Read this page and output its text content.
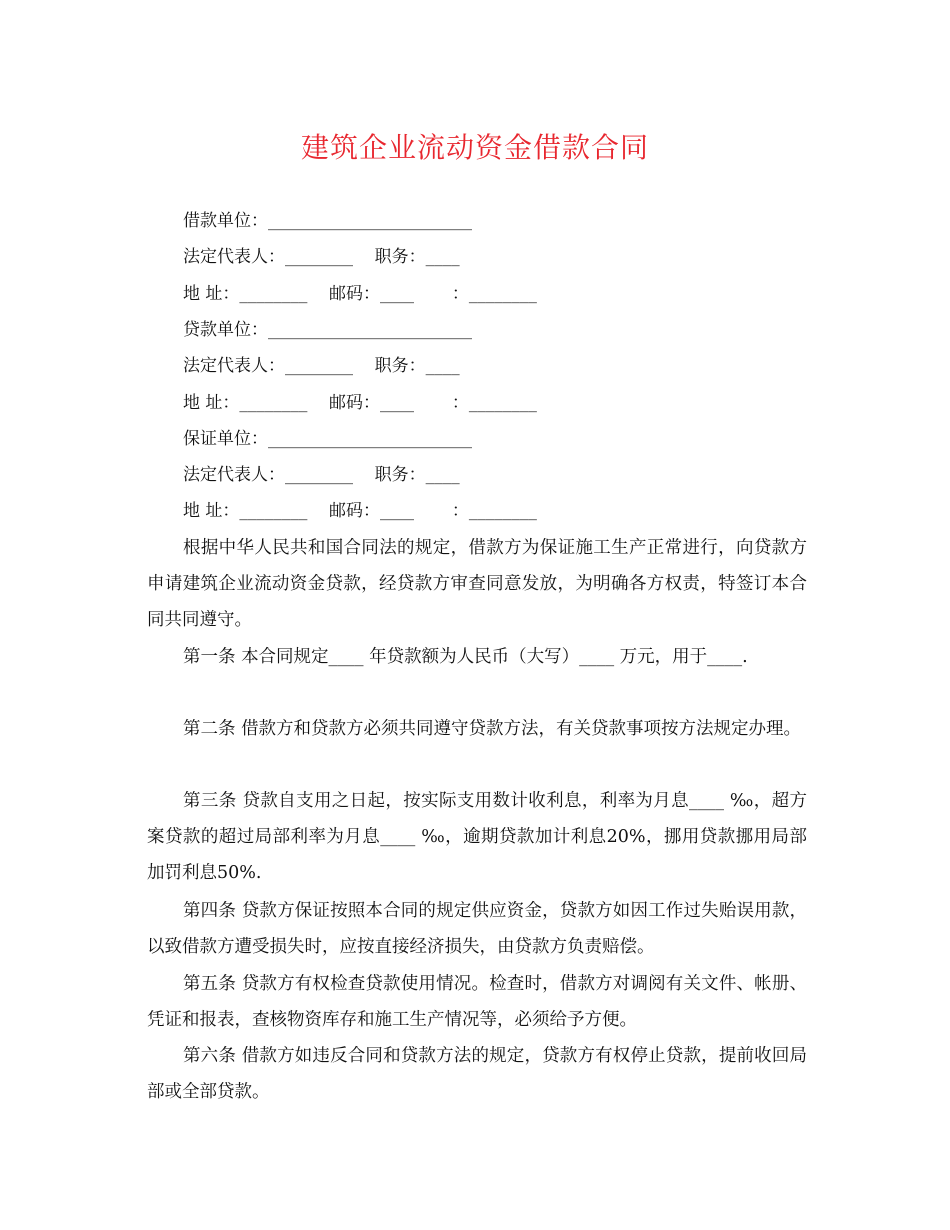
建筑企业流动资金借款合同
借款单位：________________________
法定代表人：________    职务：____
地 址：________    邮码：____       ：________
贷款单位：________________________
法定代表人：________    职务：____
地 址：________    邮码：____       ：________
保证单位：________________________
法定代表人：________    职务：____
地 址：________    邮码：____       ：________
根据中华人民共和国合同法的规定，借款方为保证施工生产正常进行，向贷款方申请建筑企业流动资金贷款，经贷款方审查同意发放，为明确各方权责，特签订本合同共同遵守。
第一条 本合同规定____ 年贷款额为人民币（大写）____ 万元，用于____.
第二条 借款方和贷款方必须共同遵守贷款方法，有关贷款事项按方法规定办理。
第三条 贷款自支用之日起，按实际支用数计收利息，利率为月息____ ‰，超方案贷款的超过局部利率为月息____ ‰，逾期贷款加计利息20%，挪用贷款挪用局部加罚利息50%.
第四条 贷款方保证按照本合同的规定供应资金，贷款方如因工作过失贻误用款，以致借款方遭受损失时，应按直接经济损失，由贷款方负责赔偿。
第五条 贷款方有权检查贷款使用情况。检查时，借款方对调阅有关文件、帐册、凭证和报表，查核物资库存和施工生产情况等，必须给予方便。
第六条 借款方如违反合同和贷款方法的规定，贷款方有权停止贷款，提前收回局部或全部贷款。
